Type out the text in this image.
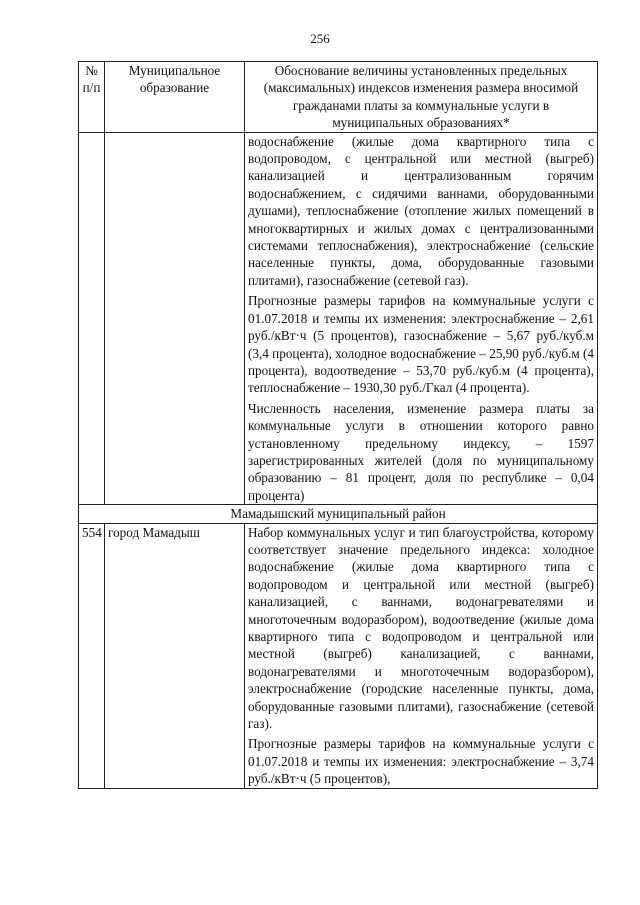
256
№ п/п	Муниципальное образование	Обоснование величины установленных предельных (максимальных) индексов изменения размера вносимой гражданами платы за коммунальные услуги в муниципальных образованиях*

		водоснабжение (жилые дома квартирного типа с водопроводом, с центральной или местной (выгреб) канализацией и централизованным горячим водоснабжением, с сидячими ваннами, оборудованными душами), теплоснабжение (отопление жилых помещений в многоквартирных и жилых домах с централизованными системами теплоснабжения), электроснабжение (сельские населенные пункты, дома, оборудованные газовыми плитами), газоснабжение (сетевой газ).

Прогнозные размеры тарифов на коммунальные услуги с 01.07.2018 и темпы их изменения: электроснабжение – 2,61 руб./кВт·ч (5 процентов), газоснабжение – 5,67 руб./куб.м (3,4 процента), холодное водоснабжение – 25,90 руб./куб.м (4 процента), водоотведение – 53,70 руб./куб.м (4 процента), теплоснабжение – 1930,30 руб./Гкал (4 процента).

Численность населения, изменение размера платы за коммунальные услуги в отношении которого равно установленному предельному индексу, – 1597 зарегистрированных жителей (доля по муниципальному образованию – 81 процент, доля по республике – 0,04 процента)

Мамадышский муниципальный район		
554	город Мамадыш	Набор коммунальных услуг и тип благоустройства, которому соответствует значение предельного индекса: холодное водоснабжение (жилые дома квартирного типа с водопроводом и центральной или местной (выгреб) канализацией, с ваннами, водонагревателями и многоточечным водоразбором), водоотведение (жилые дома квартирного типа с водопроводом и центральной или местной (выгреб) канализацией, с ваннами, водонагревателями и многоточечным водоразбором), электроснабжение (городские населенные пункты, дома, оборудованные газовыми плитами), газоснабжение (сетевой газ).

Прогнозные размеры тарифов на коммунальные услуги с 01.07.2018 и темпы их изменения: электроснабжение – 3,74 руб./кВт·ч (5 процентов),
